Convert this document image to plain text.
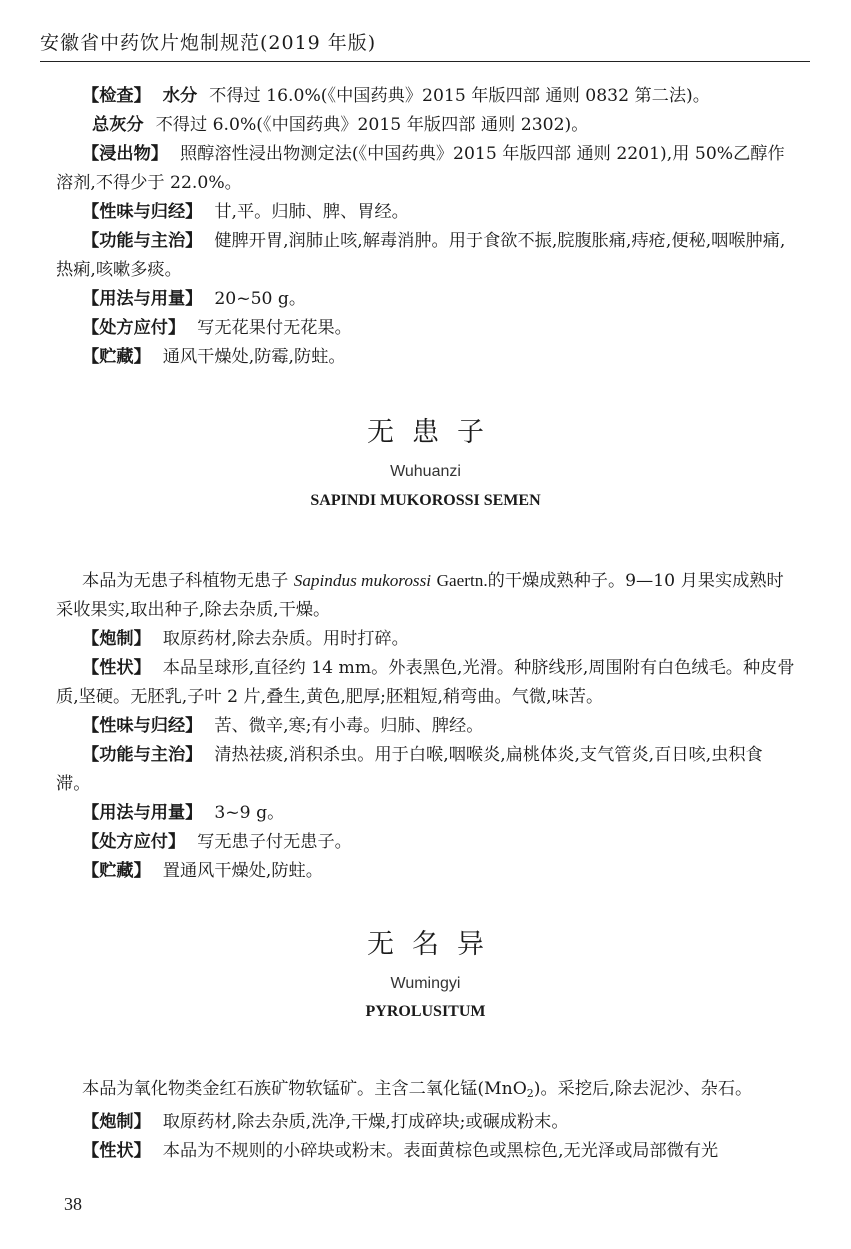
安徽省中药饮片炮制规范(2019 年版)

【检查】 水分 不得过 16.0%(《中国药典》2015 年版四部 通则 0832 第二法)。

总灰分 不得过 6.0%(《中国药典》2015 年版四部 通则 2302)。

【浸出物】 照醇溶性浸出物测定法(《中国药典》2015 年版四部 通则 2201),用 50%乙醇作溶剂,不得少于 22.0%。

【性味与归经】 甘,平。归肺、脾、胃经。

【功能与主治】 健脾开胃,润肺止咳,解毒消肿。用于食欲不振,脘腹胀痛,痔疮,便秘,咽喉肿痛,热痢,咳嗽多痰。

【用法与用量】 20~50 g。

【处方应付】 写无花果付无花果。

【贮藏】 通风干燥处,防霉,防蛀。

无患子
Wuhuanzi
SAPINDI MUKOROSSI SEMEN

本品为无患子科植物无患子 Sapindus mukorossi Gaertn.的干燥成熟种子。9—10 月果实成熟时采收果实,取出种子,除去杂质,干燥。

【炮制】 取原药材,除去杂质。用时打碎。

【性状】 本品呈球形,直径约 14 mm。外表黑色,光滑。种脐线形,周围附有白色绒毛。种皮骨质,坚硬。无胚乳,子叶 2 片,叠生,黄色,肥厚;胚粗短,稍弯曲。气微,味苦。

【性味与归经】 苦、微辛,寒;有小毒。归肺、脾经。

【功能与主治】 清热祛痰,消积杀虫。用于白喉,咽喉炎,扁桃体炎,支气管炎,百日咳,虫积食滞。

【用法与用量】 3~9 g。

【处方应付】 写无患子付无患子。

【贮藏】 置通风干燥处,防蛀。

无名异
Wumingyi
PYROLUSITUM

本品为氧化物类金红石族矿物软锰矿。主含二氧化锰(MnO$_2$)。采挖后,除去泥沙、杂石。

【炮制】 取原药材,除去杂质,洗净,干燥,打成碎块;或碾成粉末。

【性状】 本品为不规则的小碎块或粉末。表面黄棕色或黑棕色,无光泽或局部微有光

38
